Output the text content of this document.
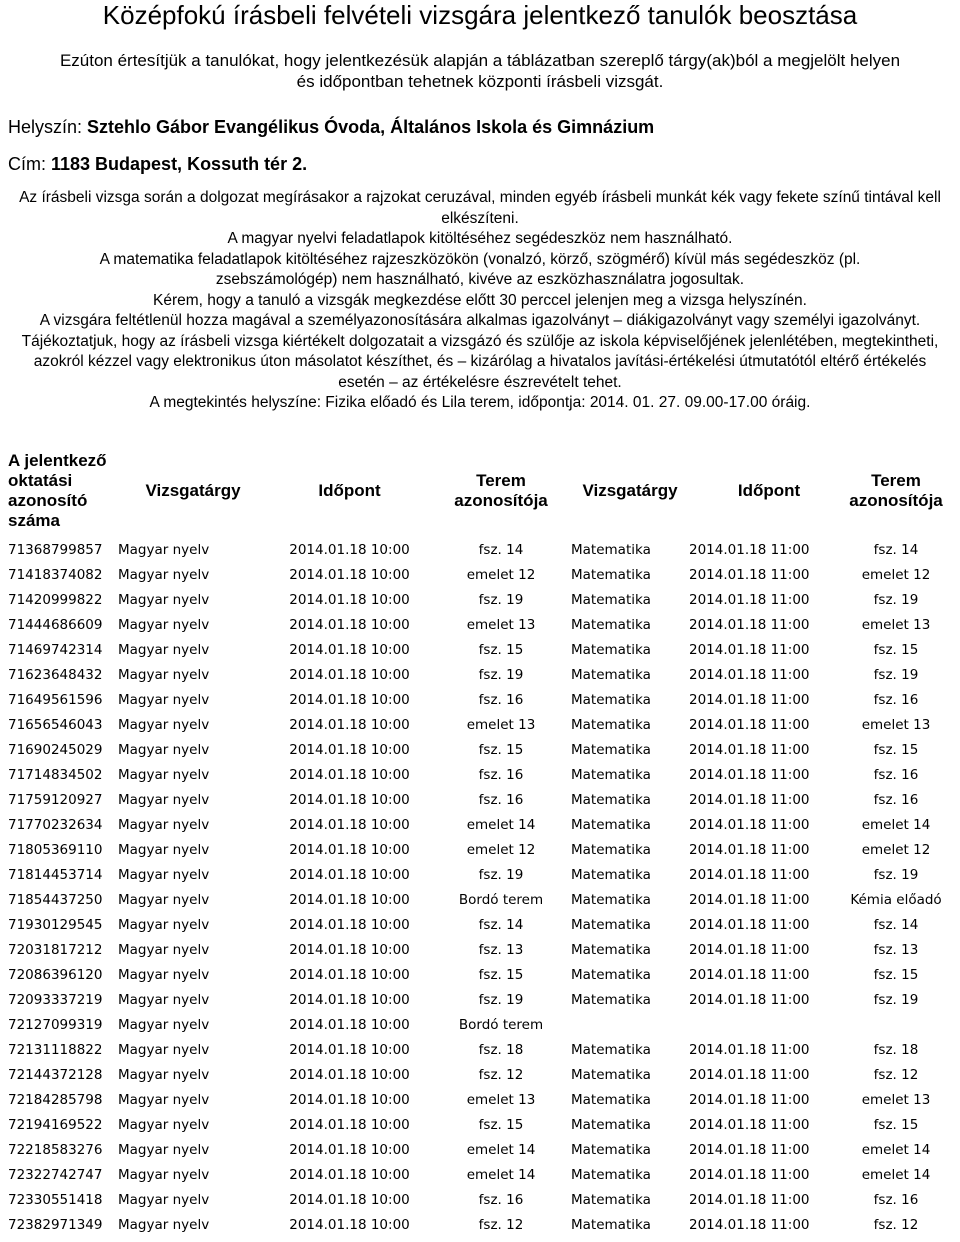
Középfokú írásbeli felvételi vizsgára jelentkező tanulók beosztása
Ezúton értesítjük a tanulókat, hogy jelentkezésük alapján a táblázatban szereplő tárgy(ak)ból a megjelölt helyen
és időpontban tehetnek központi írásbeli vizsgát.
Helyszín: Sztehlo Gábor Evangélikus Óvoda, Általános Iskola és Gimnázium
Cím: 1183 Budapest, Kossuth tér 2.

Az írásbeli vizsga során a dolgozat megírásakor a rajzokat ceruzával, minden egyéb írásbeli munkát kék vagy fekete színű tintával kell elkészíteni.

A magyar nyelvi feladatlapok kitöltéséhez segédeszköz nem használható.

A matematika feladatlapok kitöltéséhez rajzeszközökön (vonalzó, körző, szögmérő) kívül más segédeszköz (pl. zsebszámológép) nem használható, kivéve az eszközhasználatra jogosultak.

Kérem, hogy a tanuló a vizsgák megkezdése előtt 30 perccel jelenjen meg a vizsga helyszínén.

A vizsgára feltétlenül hozza magával a személyazonosítására alkalmas igazolványt – diákigazolványt vagy személyi igazolványt.

Tájékoztatjuk, hogy az írásbeli vizsga kiértékelt dolgozatait a vizsgázó és szülője az iskola képviselőjének jelenlétében, megtekintheti, azokról kézzel vagy elektronikus úton másolatot készíthet, és – kizárólag a hivatalos javítási-értékelési útmutatótól eltérő értékelés esetén – az értékelésre észrevételt tehet.

A megtekintés helyszíne: Fizika előadó és Lila terem, időpontja: 2014. 01. 27. 09.00-17.00 óráig.

A jelentkező oktatási azonosító száma	Vizsgatárgy	Időpont	Terem azonosítója	Vizsgatárgy	Időpont	Terem azonosítója
71368799857	Magyar nyelv	2014.01.18 10:00	fsz. 14	Matematika	2014.01.18 11:00	fsz. 14
71418374082	Magyar nyelv	2014.01.18 10:00	emelet 12	Matematika	2014.01.18 11:00	emelet 12
71420999822	Magyar nyelv	2014.01.18 10:00	fsz. 19	Matematika	2014.01.18 11:00	fsz. 19
71444686609	Magyar nyelv	2014.01.18 10:00	emelet 13	Matematika	2014.01.18 11:00	emelet 13
71469742314	Magyar nyelv	2014.01.18 10:00	fsz. 15	Matematika	2014.01.18 11:00	fsz. 15
71623648432	Magyar nyelv	2014.01.18 10:00	fsz. 19	Matematika	2014.01.18 11:00	fsz. 19
71649561596	Magyar nyelv	2014.01.18 10:00	fsz. 16	Matematika	2014.01.18 11:00	fsz. 16
71656546043	Magyar nyelv	2014.01.18 10:00	emelet 13	Matematika	2014.01.18 11:00	emelet 13
71690245029	Magyar nyelv	2014.01.18 10:00	fsz. 15	Matematika	2014.01.18 11:00	fsz. 15
71714834502	Magyar nyelv	2014.01.18 10:00	fsz. 16	Matematika	2014.01.18 11:00	fsz. 16
71759120927	Magyar nyelv	2014.01.18 10:00	fsz. 16	Matematika	2014.01.18 11:00	fsz. 16
71770232634	Magyar nyelv	2014.01.18 10:00	emelet 14	Matematika	2014.01.18 11:00	emelet 14
71805369110	Magyar nyelv	2014.01.18 10:00	emelet 12	Matematika	2014.01.18 11:00	emelet 12
71814453714	Magyar nyelv	2014.01.18 10:00	fsz. 19	Matematika	2014.01.18 11:00	fsz. 19
71854437250	Magyar nyelv	2014.01.18 10:00	Bordó terem	Matematika	2014.01.18 11:00	Kémia előadó
71930129545	Magyar nyelv	2014.01.18 10:00	fsz. 14	Matematika	2014.01.18 11:00	fsz. 14
72031817212	Magyar nyelv	2014.01.18 10:00	fsz. 13	Matematika	2014.01.18 11:00	fsz. 13
72086396120	Magyar nyelv	2014.01.18 10:00	fsz. 15	Matematika	2014.01.18 11:00	fsz. 15
72093337219	Magyar nyelv	2014.01.18 10:00	fsz. 19	Matematika	2014.01.18 11:00	fsz. 19
72127099319	Magyar nyelv	2014.01.18 10:00	Bordó terem			
72131118822	Magyar nyelv	2014.01.18 10:00	fsz. 18	Matematika	2014.01.18 11:00	fsz. 18
72144372128	Magyar nyelv	2014.01.18 10:00	fsz. 12	Matematika	2014.01.18 11:00	fsz. 12
72184285798	Magyar nyelv	2014.01.18 10:00	emelet 13	Matematika	2014.01.18 11:00	emelet 13
72194169522	Magyar nyelv	2014.01.18 10:00	fsz. 15	Matematika	2014.01.18 11:00	fsz. 15
72218583276	Magyar nyelv	2014.01.18 10:00	emelet 14	Matematika	2014.01.18 11:00	emelet 14
72322742747	Magyar nyelv	2014.01.18 10:00	emelet 14	Matematika	2014.01.18 11:00	emelet 14
72330551418	Magyar nyelv	2014.01.18 10:00	fsz. 16	Matematika	2014.01.18 11:00	fsz. 16
72382971349	Magyar nyelv	2014.01.18 10:00	fsz. 12	Matematika	2014.01.18 11:00	fsz. 12
